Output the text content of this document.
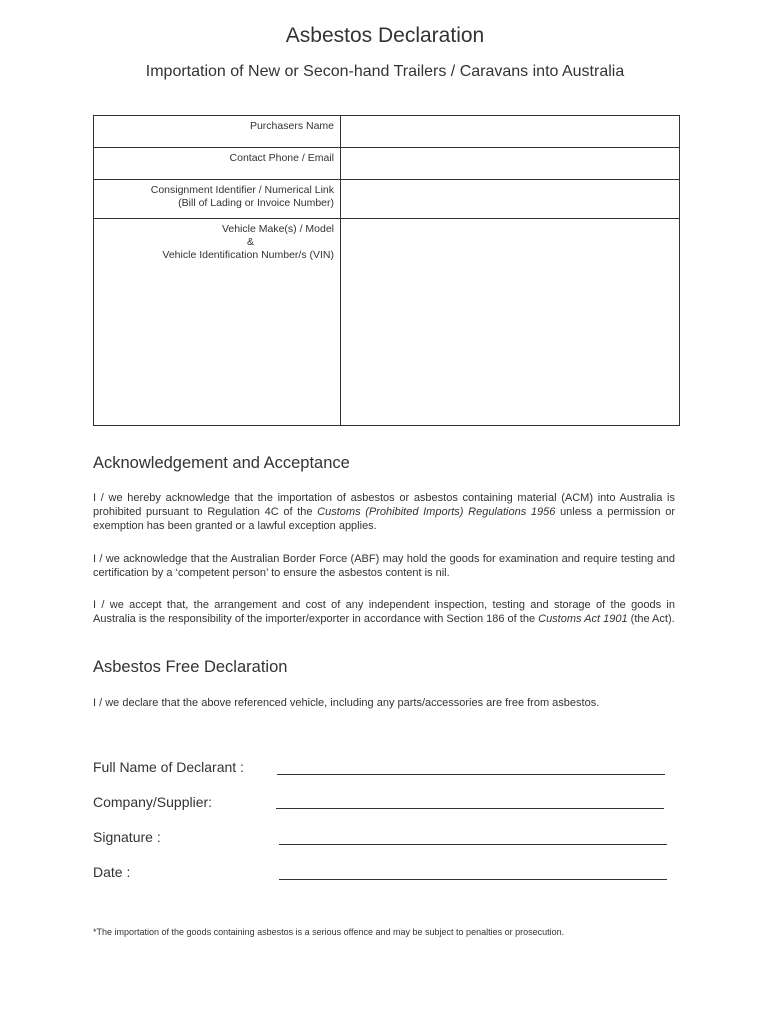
Asbestos Declaration
Importation of New or Secon-hand Trailers / Caravans into Australia
Purchasers Name	
Contact Phone / Email	

Consignment Identifier / Numerical Link
(Bill of Lading or Invoice Number)	

Vehicle Make(s) / Model
&
Vehicle Identification Number/s (VIN)	

Acknowledgement and Acceptance

I / we hereby acknowledge that the importation of asbestos or asbestos containing material (ACM) into Australia is prohibited pursuant to Regulation 4C of the Customs (Prohibited Imports) Regulations 1956 unless a permission or exemption has been granted or a lawful exception applies.

I / we acknowledge that the Australian Border Force (ABF) may hold the goods for examination and require testing and certification by a ‘competent person’ to ensure the asbestos content is nil.

I / we accept that, the arrangement and cost of any independent inspection, testing and storage of the goods in Australia is the responsibility of the importer/exporter in accordance with Section 186 of the Customs Act 1901 (the Act).

Asbestos Free Declaration

I / we declare that the above referenced vehicle, including any parts/accessories are free from asbestos.

Full Name of Declarant :
Company/Supplier:
Signature :
Date :
*The importation of the goods containing asbestos is a serious offence and may be subject to penalties or prosecution.
